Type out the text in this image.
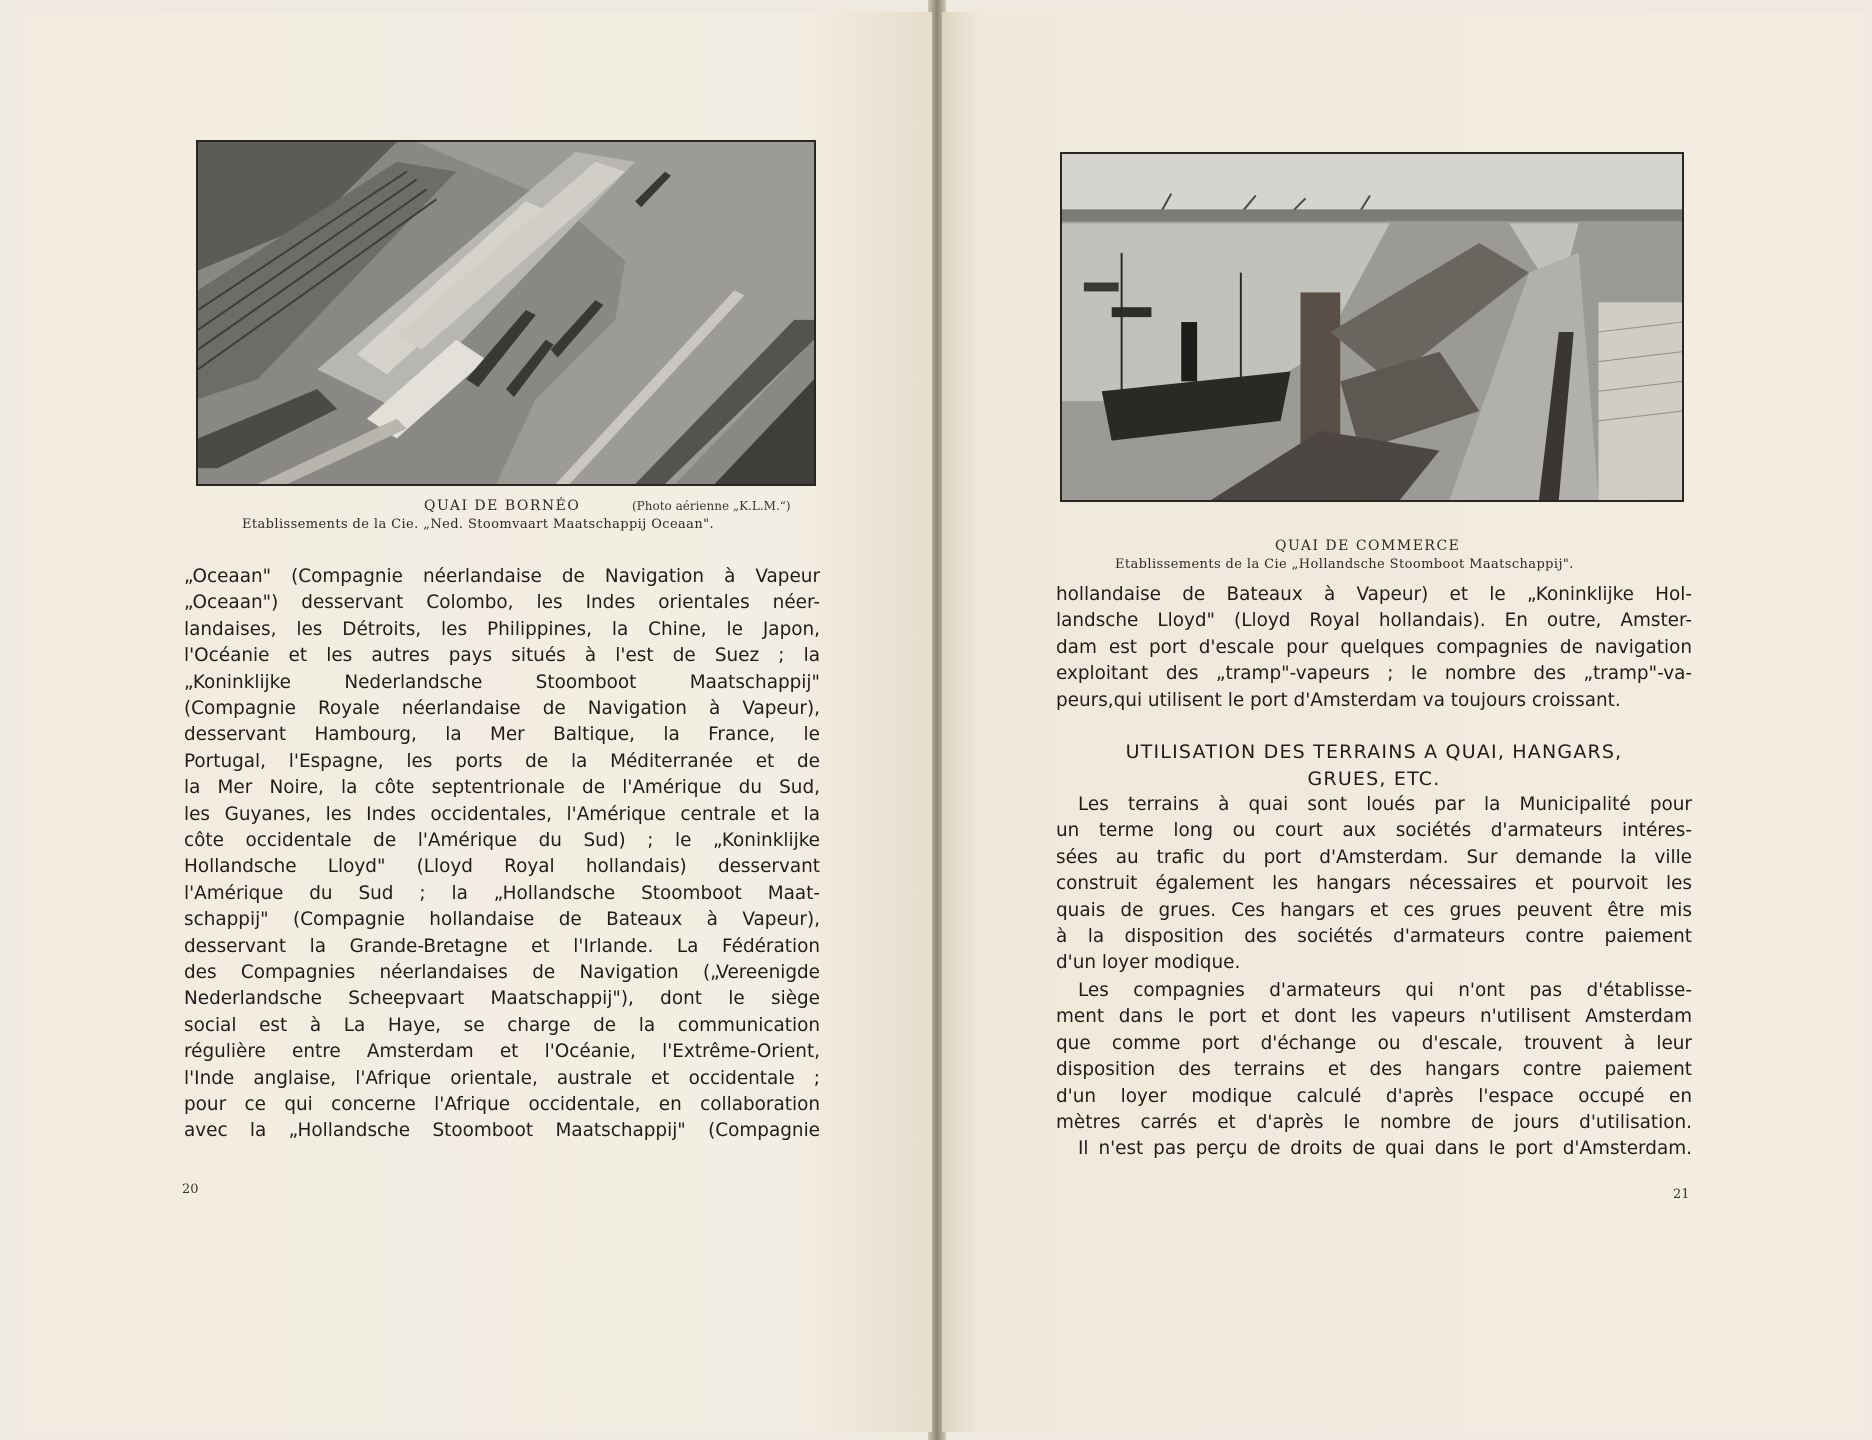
QUAI DE BORNÉO	(Photo aérienne „K.L.M.“)
Etablissements de la Cie. „Ned. Stoomvaart Maatschappij Oceaan".
„Oceaan" (Compagnie néerlandaise de Navigation à Vapeur
„Oceaan") desservant Colombo, les Indes orientales néer-
landaises, les Détroits, les Philippines, la Chine, le Japon,
l'Océanie et les autres pays situés à l'est de Suez ; la
„Koninklijke Nederlandsche Stoomboot Maatschappij"
(Compagnie Royale néerlandaise de Navigation à Vapeur),
desservant Hambourg, la Mer Baltique, la France, le
Portugal, l'Espagne, les ports de la Méditerranée et de
la Mer Noire, la côte septentrionale de l'Amérique du Sud,
les Guyanes, les Indes occidentales, l'Amérique centrale et la
côte occidentale de l'Amérique du Sud) ; le „Koninklijke
Hollandsche Lloyd" (Lloyd Royal hollandais) desservant
l'Amérique du Sud ; la „Hollandsche Stoomboot Maat-
schappij" (Compagnie hollandaise de Bateaux à Vapeur),
desservant la Grande-Bretagne et l'Irlande. La Fédération
des Compagnies néerlandaises de Navigation („Vereenigde
Nederlandsche Scheepvaart Maatschappij"), dont le siège
social est à La Haye, se charge de la communication
régulière entre Amsterdam et l'Océanie, l'Extrême-Orient,
l'Inde anglaise, l'Afrique orientale, australe et occidentale ;
pour ce qui concerne l'Afrique occidentale, en collaboration
avec la „Hollandsche Stoomboot Maatschappij" (Compagnie
20
QUAI DE COMMERCE
Etablissements de la Cie „Hollandsche Stoomboot Maatschappij".
hollandaise de Bateaux à Vapeur) et le „Koninklijke Hol-
landsche Lloyd" (Lloyd Royal hollandais). En outre, Amster-
dam est port d'escale pour quelques compagnies de navigation
exploitant des „tramp"-vapeurs ; le nombre des „tramp"-va-
peurs,qui utilisent le port d'Amsterdam va toujours croissant.
UTILISATION DES TERRAINS A QUAI, HANGARS,
GRUES, ETC.
Les terrains à quai sont loués par la Municipalité pour
un terme long ou court aux sociétés d'armateurs intéres-
sées au trafic du port d'Amsterdam. Sur demande la ville
construit également les hangars nécessaires et pourvoit les
quais de grues. Ces hangars et ces grues peuvent être mis
à la disposition des sociétés d'armateurs contre paiement
d'un loyer modique.
Les compagnies d'armateurs qui n'ont pas d'établisse-
ment dans le port et dont les vapeurs n'utilisent Amsterdam
que comme port d'échange ou d'escale, trouvent à leur
disposition des terrains et des hangars contre paiement
d'un loyer modique calculé d'après l'espace occupé en
mètres carrés et d'après le nombre de jours d'utilisation.
Il n'est pas perçu de droits de quai dans le port d'Amsterdam.
21
